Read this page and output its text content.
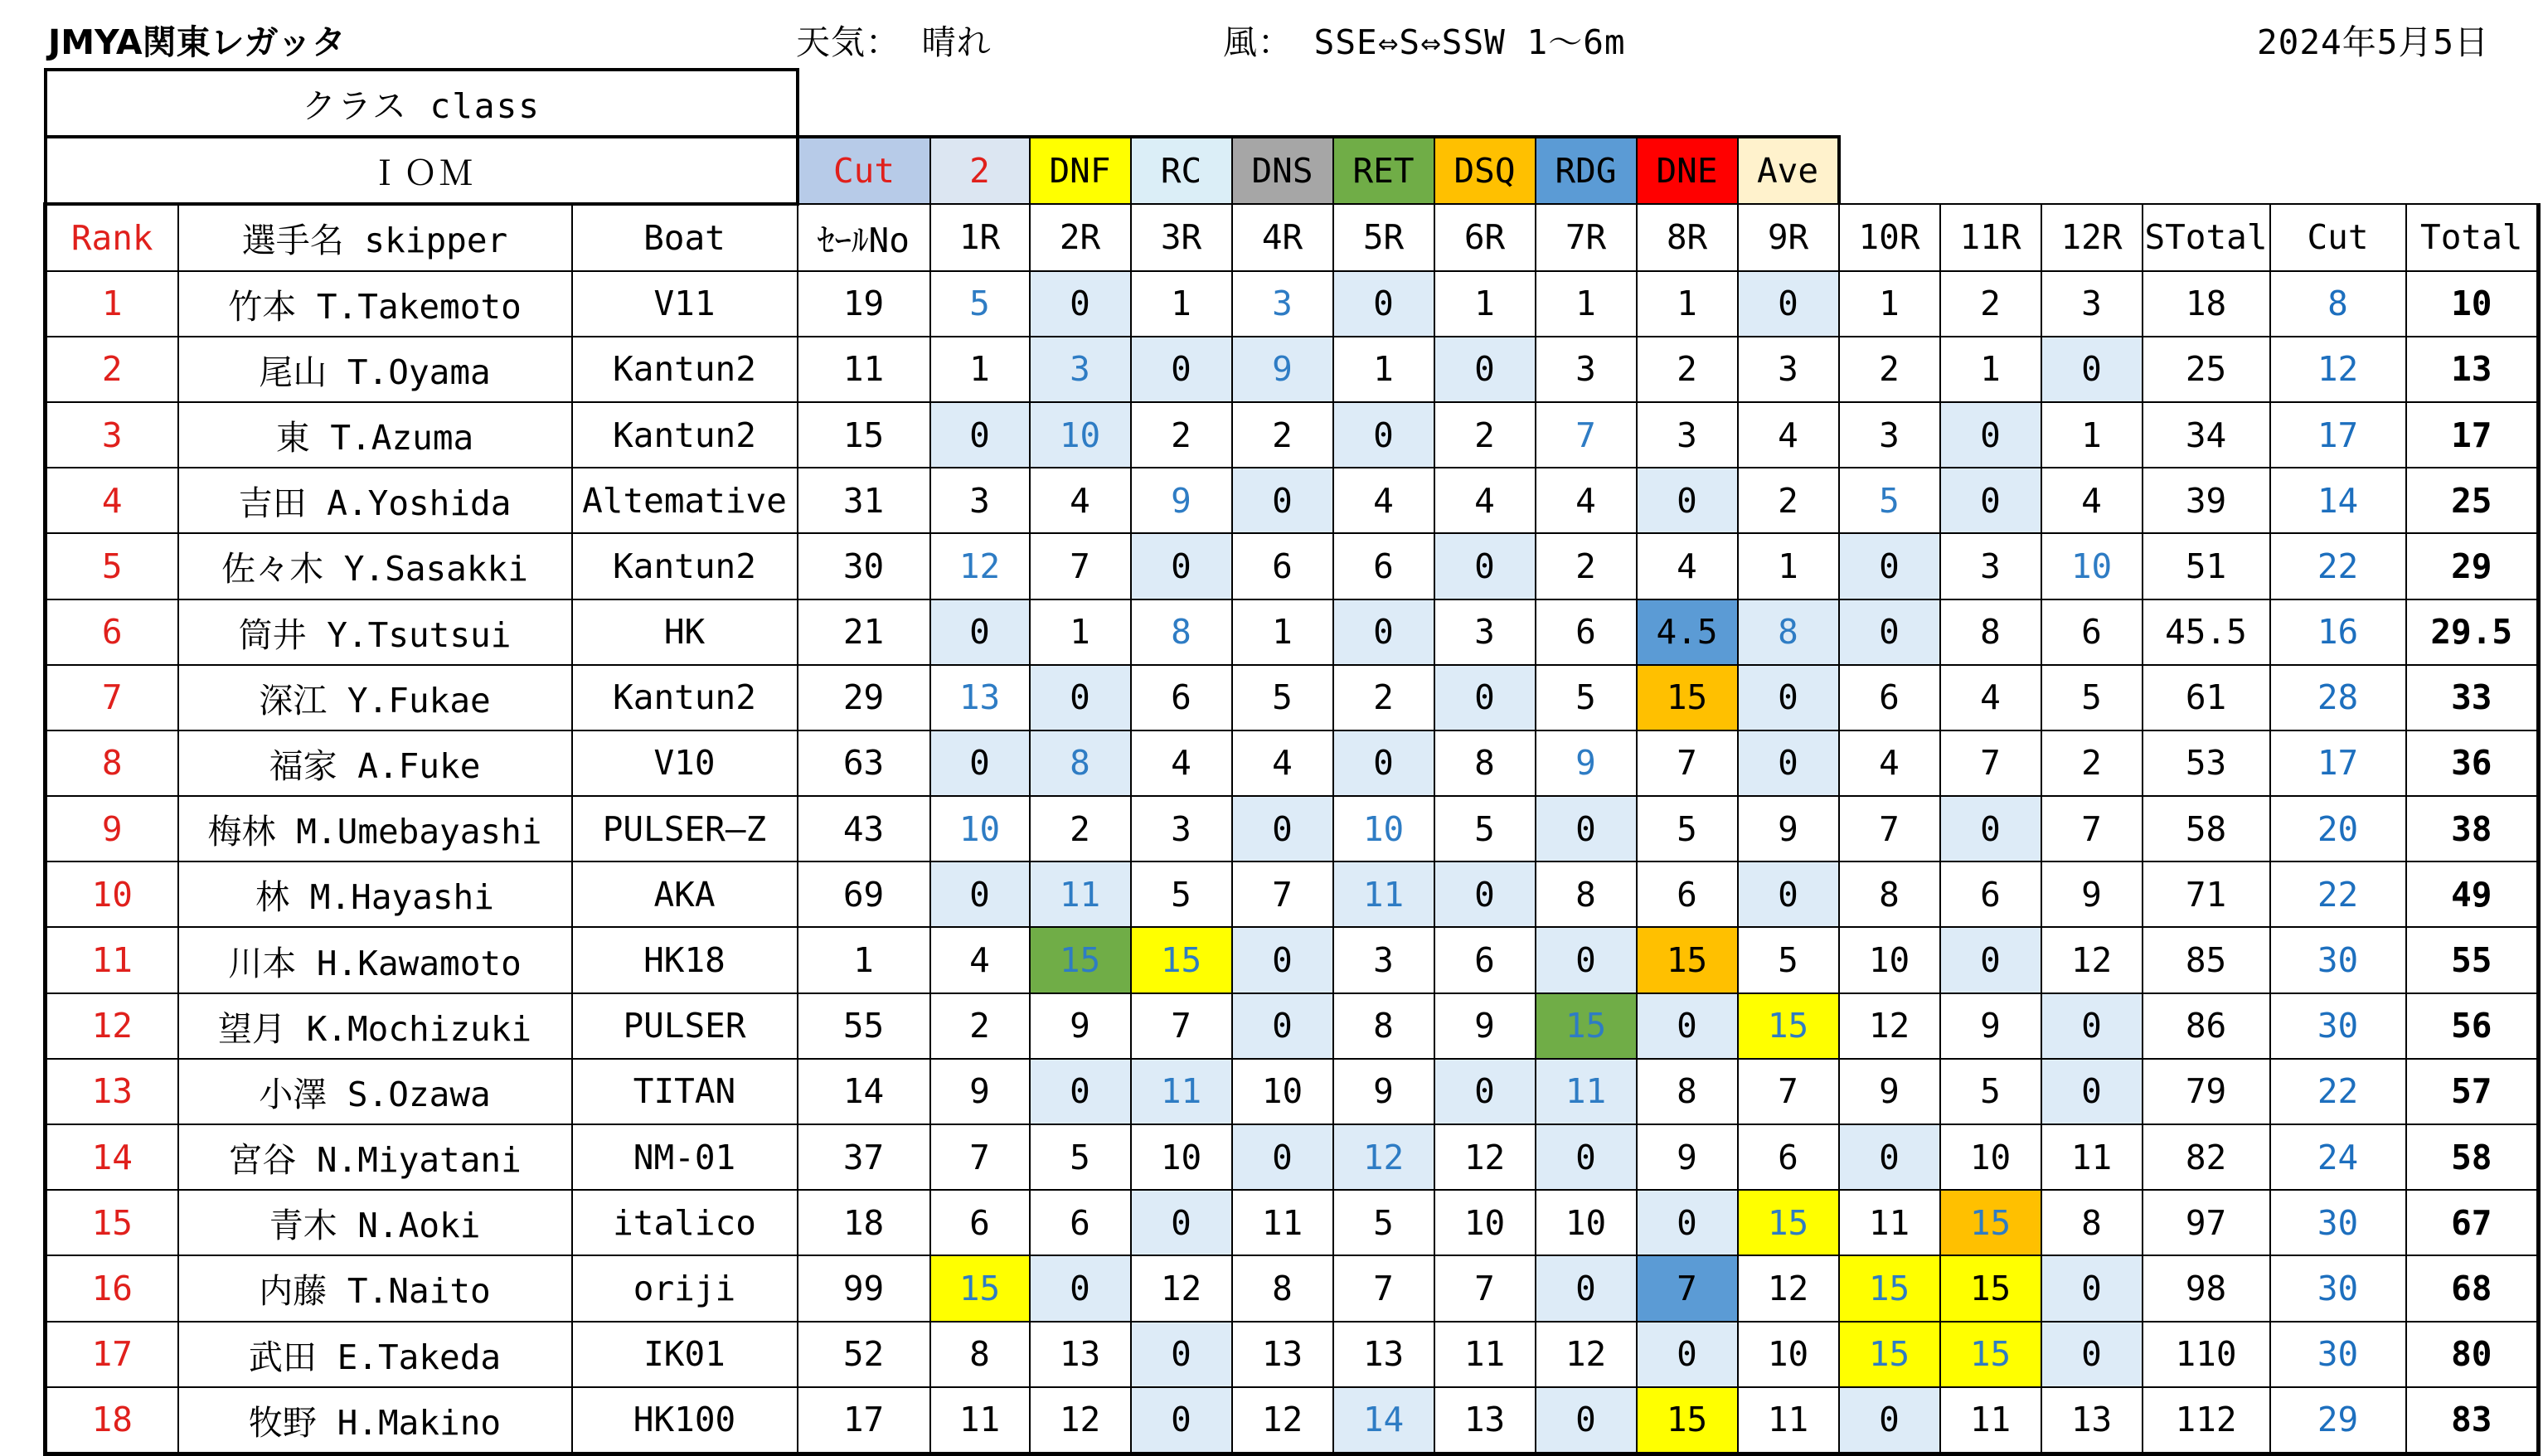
JMYA関東レガッタ	天気： 晴れ	風： SSE⇔S⇔SSW 1～6m	2024年5月5日
クラス class																		
ＩＯＭ			Cut	2	DNF	RC	DNS	RET	DSQ	RDG	DNE	Ave						
Rank	選手名 skipper	Boat	ｾｰﾙNo	1R	2R	3R	4R	5R	6R	7R	8R	9R	10R	11R	12R	STotal	Cut	Total
1	竹本 T.Takemoto	V11	19	5	0	1	3	0	1	1	1	0	1	2	3	18	8	10
2	尾山 T.Oyama	Kantun2	11	1	3	0	9	1	0	3	2	3	2	1	0	25	12	13
3	東 T.Azuma	Kantun2	15	0	10	2	2	0	2	7	3	4	3	0	1	34	17	17
4	吉田 A.Yoshida	Altemative	31	3	4	9	0	4	4	4	0	2	5	0	4	39	14	25
5	佐々木 Y.Sasakki	Kantun2	30	12	7	0	6	6	0	2	4	1	0	3	10	51	22	29
6	筒井 Y.Tsutsui	HK	21	0	1	8	1	0	3	6	4.5	8	0	8	6	45.5	16	29.5
7	深江 Y.Fukae	Kantun2	29	13	0	6	5	2	0	5	15	0	6	4	5	61	28	33
8	福家 A.Fuke	V10	63	0	8	4	4	0	8	9	7	0	4	7	2	53	17	36
9	梅林 M.Umebayashi	PULSER―Z	43	10	2	3	0	10	5	0	5	9	7	0	7	58	20	38
10	林 M.Hayashi	AKA	69	0	11	5	7	11	0	8	6	0	8	6	9	71	22	49
11	川本 H.Kawamoto	HK18	1	4	15	15	0	3	6	0	15	5	10	0	12	85	30	55
12	望月 K.Mochizuki	PULSER	55	2	9	7	0	8	9	15	0	15	12	9	0	86	30	56
13	小澤 S.Ozawa	TITAN	14	9	0	11	10	9	0	11	8	7	9	5	0	79	22	57
14	宮谷 N.Miyatani	NM-01	37	7	5	10	0	12	12	0	9	6	0	10	11	82	24	58
15	青木 N.Aoki	italico	18	6	6	0	11	5	10	10	0	15	11	15	8	97	30	67
16	内藤 T.Naito	oriji	99	15	0	12	8	7	7	0	7	12	15	15	0	98	30	68
17	武田 E.Takeda	IK01	52	8	13	0	13	13	11	12	0	10	15	15	0	110	30	80
18	牧野 H.Makino	HK100	17	11	12	0	12	14	13	0	15	11	0	11	13	112	29	83
